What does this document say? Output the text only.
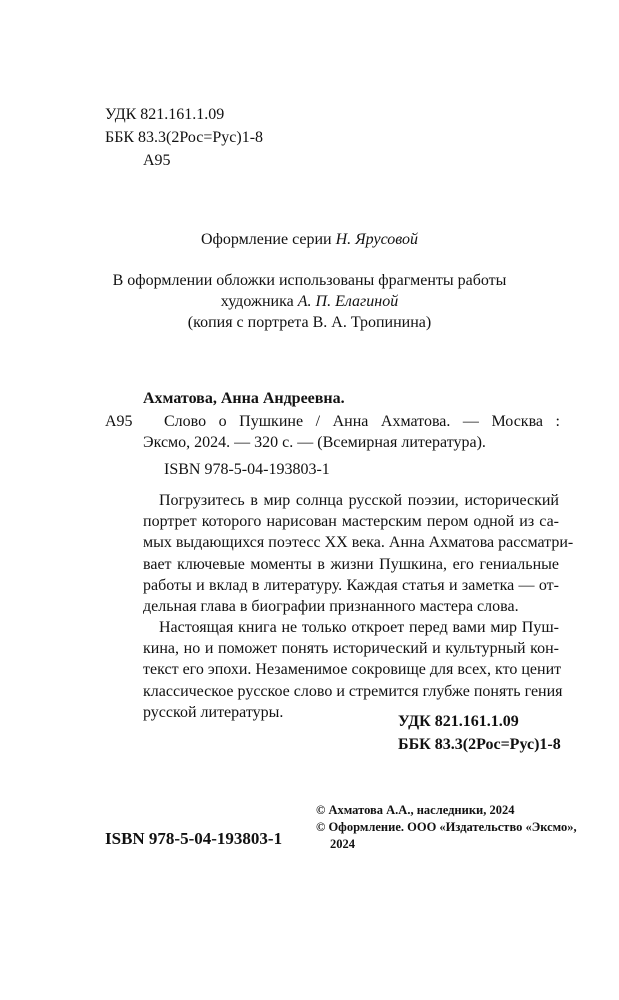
УДК 821.161.1.09
ББК 83.3(2Рос=Рус)1-8
А95
Оформление серии Н. Ярусовой
В оформлении обложки использованы фрагменты работы
художника А. П. Елагиной
(копия с портрета В. А. Тропинина)
Ахматова, Анна Андреевна.
А95 Слово о Пушкине / Анна Ахматова. — Москва :
Эксмо, 2024. — 320 с. — (Всемирная литература).
ISBN 978-5-04-193803-1
Погрузитесь в мир солнца русской поэзии, исторический
портрет которого нарисован мастерским пером одной из са-
мых выдающихся поэтесс XX века. Анна Ахматова рассматри-
вает ключевые моменты в жизни Пушкина, его гениальные
работы и вклад в литературу. Каждая статья и заметка — от-
дельная глава в биографии признанного мастера слова.
Настоящая книга не только откроет перед вами мир Пуш-
кина, но и поможет понять исторический и культурный кон-
текст его эпохи. Незаменимое сокровище для всех, кто ценит
классическое русское слово и стремится глубже понять гения
русской литературы.
УДК 821.161.1.09
ББК 83.3(2Рос=Рус)1-8
ISBN 978-5-04-193803-1
© Ахматова А.А., наследники, 2024
© Оформление. ООО «Издательство «Эксмо»,
2024
